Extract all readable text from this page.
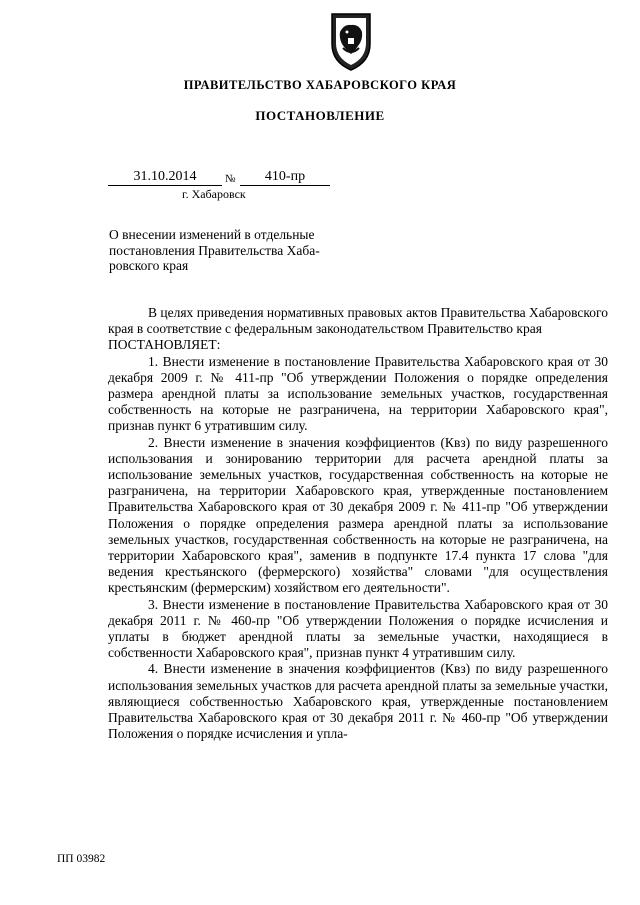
ПРАВИТЕЛЬСТВО ХАБАРОВСКОГО КРАЯ
ПОСТАНОВЛЕНИЕ
31.10.2014	№	410-пр
г. Хабаровск
О внесении изменений в отдельные
постановления Правительства Хаба-
ровского края

В целях приведения нормативных правовых актов Правительства Хабаровского края в соответствие с федеральным законодательством Правительство края

ПОСТАНОВЛЯЕТ:

1. Внести изменение в постановление Правительства Хабаровского края от 30 декабря 2009 г. № 411-пр "Об утверждении Положения о порядке определения размера арендной платы за использование земельных участков, государственная собственность на которые не разграничена, на территории Хабаровского края", признав пункт 6 утратившим силу.

2. Внести изменение в значения коэффициентов (Квз) по виду разрешенного использования и зонированию территории для расчета арендной платы за использование земельных участков, государственная собственность на которые не разграничена, на территории Хабаровского края, утвержденные постановлением Правительства Хабаровского края от 30 декабря 2009 г. № 411-пр "Об утверждении Положения о порядке определения размера арендной платы за использование земельных участков, государственная собственность на которые не разграничена, на территории Хабаровского края", заменив в подпункте 17.4 пункта 17 слова "для ведения крестьянского (фермерского) хозяйства" словами "для осуществления крестьянским (фермерским) хозяйством его деятельности".

3. Внести изменение в постановление Правительства Хабаровского края от 30 декабря 2011 г. № 460-пр "Об утверждении Положения о порядке исчисления и уплаты в бюджет арендной платы за земельные участки, находящиеся в собственности Хабаровского края", признав пункт 4 утратившим силу.

4. Внести изменение в значения коэффициентов (Квз) по виду разрешенного использования земельных участков для расчета арендной платы за земельные участки, являющиеся собственностью Хабаровского края, утвержденные постановлением Правительства Хабаровского края от 30 декабря 2011 г. № 460-пр "Об утверждении Положения о порядке исчисления и упла-

ПП 03982
